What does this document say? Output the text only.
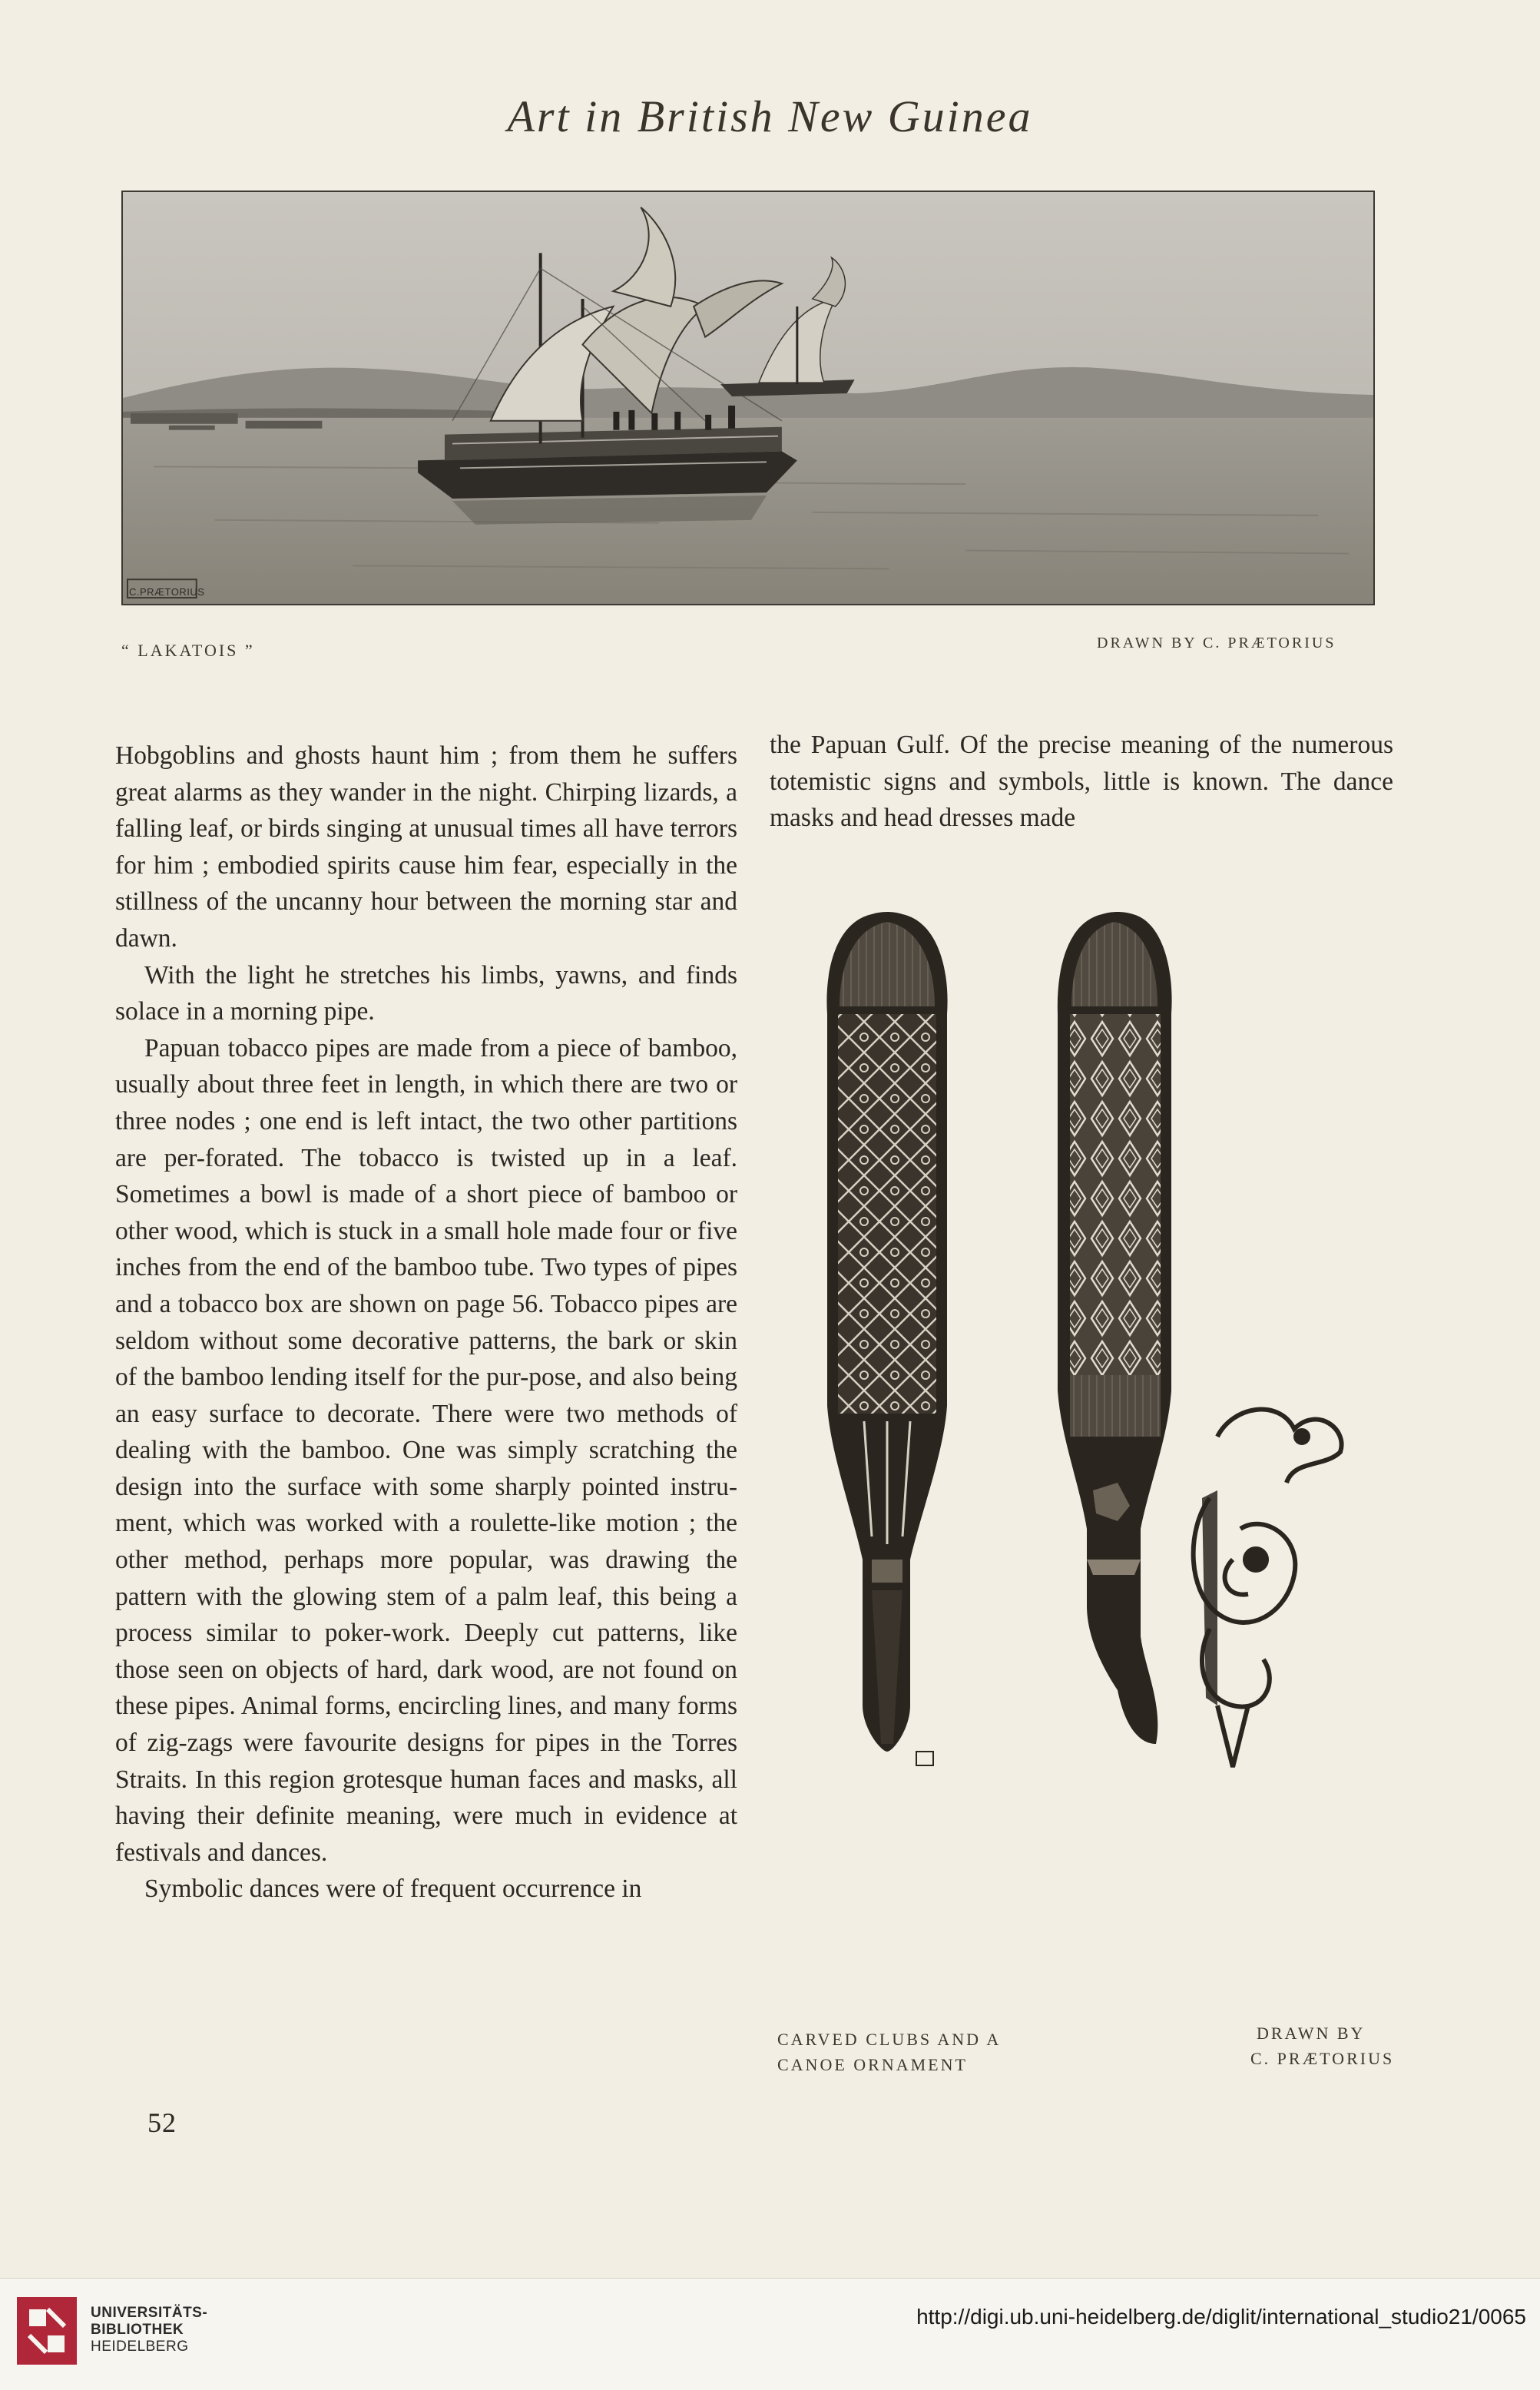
Art in British New Guinea
C.PRÆTORIUS
“ LAKATOIS ”	DRAWN BY C. PRÆTORIUS

Hobgoblins and ghosts haunt him ; from them he suffers great alarms as they wander in the night. Chirping lizards, a falling leaf, or birds singing at unusual times all have terrors for him ; embodied spirits cause him fear, especially in the stillness of the uncanny hour between the morning star and dawn.

With the light he stretches his limbs, yawns, and finds solace in a morning pipe.

Papuan tobacco pipes are made from a piece of bamboo, usually about three feet in length, in which there are two or three nodes ; one end is left intact, the two other partitions are per-forated. The tobacco is twisted up in a leaf. Sometimes a bowl is made of a short piece of bamboo or other wood, which is stuck in a small hole made four or five inches from the end of the bamboo tube. Two types of pipes and a tobacco box are shown on page 56. Tobacco pipes are seldom without some decorative patterns, the bark or skin of the bamboo lending itself for the pur-pose, and also being an easy surface to decorate. There were two methods of dealing with the bamboo. One was simply scratching the design into the surface with some sharply pointed instru-ment, which was worked with a roulette-like motion ; the other method, perhaps more popular, was drawing the pattern with the glowing stem of a palm leaf, this being a process similar to poker-work. Deeply cut patterns, like those seen on objects of hard, dark wood, are not found on these pipes. Animal forms, encircling lines, and many forms of zig-zags were favourite designs for pipes in the Torres Straits. In this region grotesque human faces and masks, all having their definite meaning, were much in evidence at festivals and dances.

Symbolic dances were of frequent occurrence in

the Papuan Gulf. Of the precise meaning of the numerous totemistic signs and symbols, little is known. The dance masks and head dresses made

CARVED CLUBS AND A
CANOE ORNAMENT
DRAWN BY
C. PRÆTORIUS
52
UNIVERSITÄTS-
BIBLIOTHEK
HEIDELBERG
http://digi.ub.uni-heidelberg.de/diglit/international_studio21/0065
